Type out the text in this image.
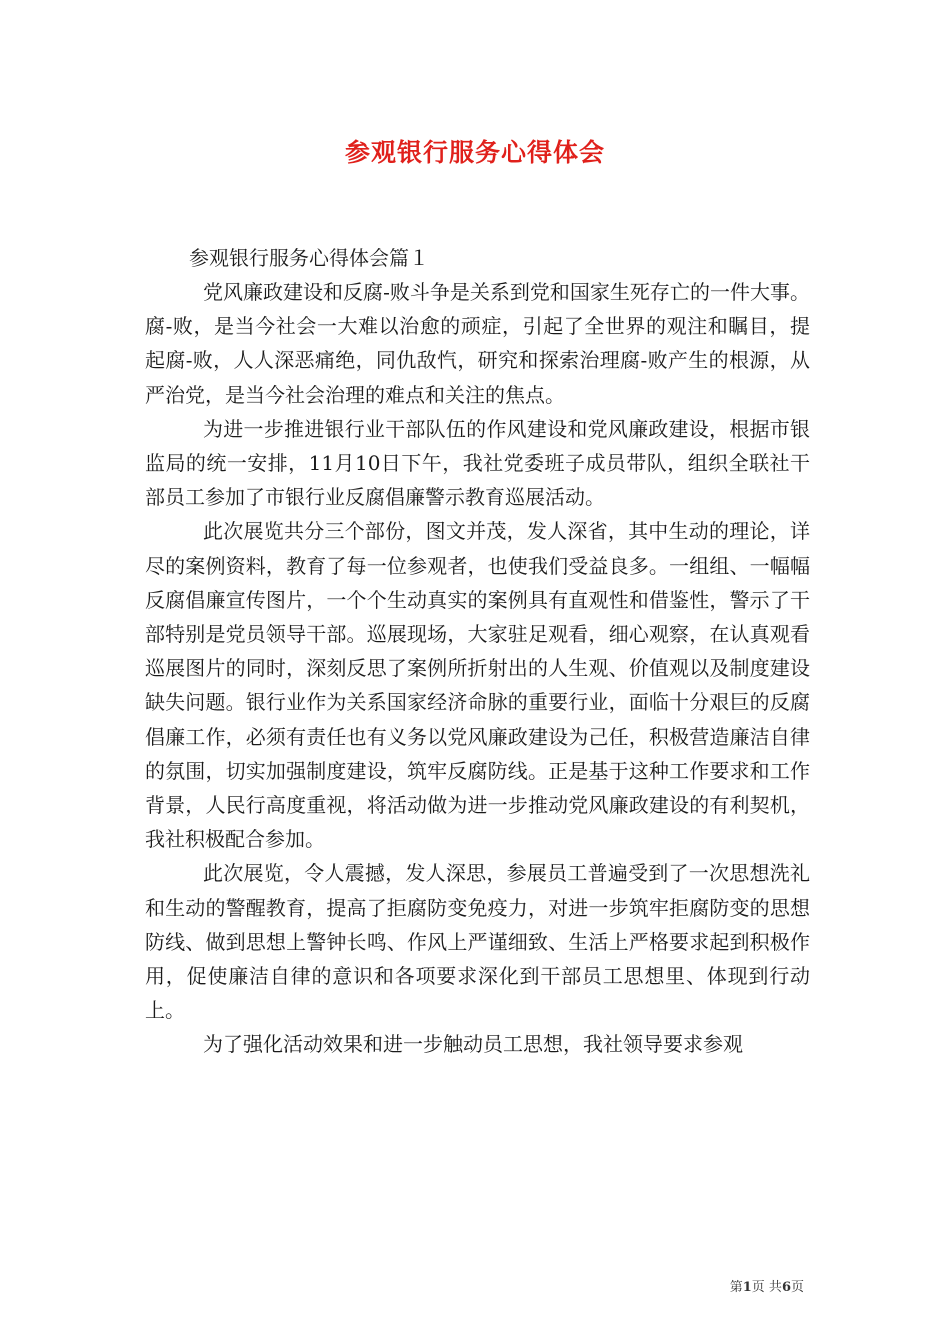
参观银行服务心得体会

参观银行服务心得体会篇１

党风廉政建设和反腐-败斗争是关系到党和国家生死存亡的一件大事。腐-败，是当今社会一大难以治愈的顽症，引起了全世界的观注和瞩目，提起腐-败，人人深恶痛绝，同仇敌忾，研究和探索治理腐-败产生的根源，从严治党，是当今社会治理的难点和关注的焦点。

为进一步推进银行业干部队伍的作风建设和党风廉政建设，根据市银监局的统一安排，11月10日下午，我社党委班子成员带队，组织全联社干部员工参加了市银行业反腐倡廉警示教育巡展活动。

此次展览共分三个部份，图文并茂，发人深省，其中生动的理论，详尽的案例资料，教育了每一位参观者，也使我们受益良多。一组组、一幅幅反腐倡廉宣传图片，一个个生动真实的案例具有直观性和借鉴性，警示了干部特别是党员领导干部。巡展现场，大家驻足观看，细心观察，在认真观看巡展图片的同时，深刻反思了案例所折射出的人生观、价值观以及制度建设缺失问题。银行业作为关系国家经济命脉的重要行业，面临十分艰巨的反腐倡廉工作，必须有责任也有义务以党风廉政建设为己任，积极营造廉洁自律的氛围，切实加强制度建设，筑牢反腐防线。正是基于这种工作要求和工作背景，人民行高度重视，将活动做为进一步推动党风廉政建设的有利契机，我社积极配合参加。

此次展览，令人震撼，发人深思，参展员工普遍受到了一次思想洗礼和生动的警醒教育，提高了拒腐防变免疫力，对进一步筑牢拒腐防变的思想防线、做到思想上警钟长鸣、作风上严谨细致、生活上严格要求起到积极作用，促使廉洁自律的意识和各项要求深化到干部员工思想里、体现到行动上。

为了强化活动效果和进一步触动员工思想，我社领导要求参观

第1页 共6页
